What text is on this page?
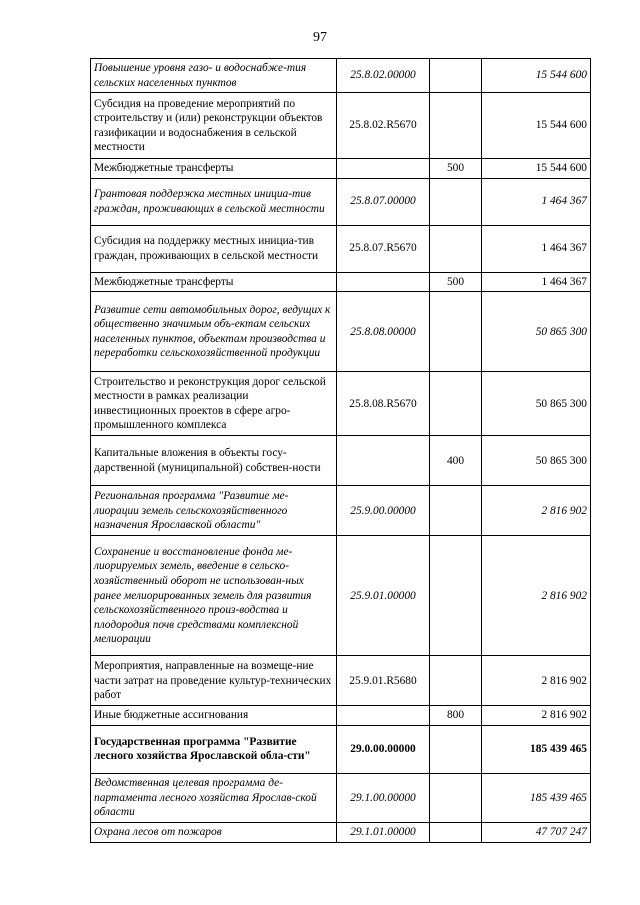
97
Повышение уровня газо- и водоснабже-тия сельских населенных пунктов	25.8.02.00000		15 544 600
Субсидия на проведение мероприятий по строительству и (или) реконструкции объектов газификации и водоснабжения в сельской местности	25.8.02.R5670		15 544 600
Межбюджетные трансферты		500	15 544 600
Грантовая поддержка местных инициа-тив граждан, проживающих в сельской местности	25.8.07.00000		1 464 367
Субсидия на поддержку местных инициа-тив граждан, проживающих в сельской местности	25.8.07.R5670		1 464 367
Межбюджетные трансферты		500	1 464 367
Развитие сети автомобильных дорог, ведущих к общественно значимым объ-ектам сельских населенных пунктов, объектам производства и переработки сельскохозяйственной продукции	25.8.08.00000		50 865 300
Строительство и реконструкция дорог сельской местности в рамках реализации инвестиционных проектов в сфере агро-промышленного комплекса	25.8.08.R5670		50 865 300
Капитальные вложения в объекты госу-дарственной (муниципальной) собствен-ности		400	50 865 300
Региональная программа "Развитие ме-лиорации земель сельскохозяйственного назначения Ярославской области"	25.9.00.00000		2 816 902
Сохранение и восстановление фонда ме-лиорируемых земель, введение в сельско-хозяйственный оборот не использован-ных ранее мелиорированных земель для развития сельскохозяйственного произ-водства и плодородия почв средствами комплексной мелиорации	25.9.01.00000		2 816 902
Мероприятия, направленные на возмеще-ние части затрат на проведение культур-технических работ	25.9.01.R5680		2 816 902
Иные бюджетные ассигнования		800	2 816 902
Государственная программа "Развитие лесного хозяйства Ярославской обла-сти"	29.0.00.00000		185 439 465
Ведомственная целевая программа де-партамента лесного хозяйства Ярослав-ской области	29.1.00.00000		185 439 465
Охрана лесов от пожаров	29.1.01.00000		47 707 247
